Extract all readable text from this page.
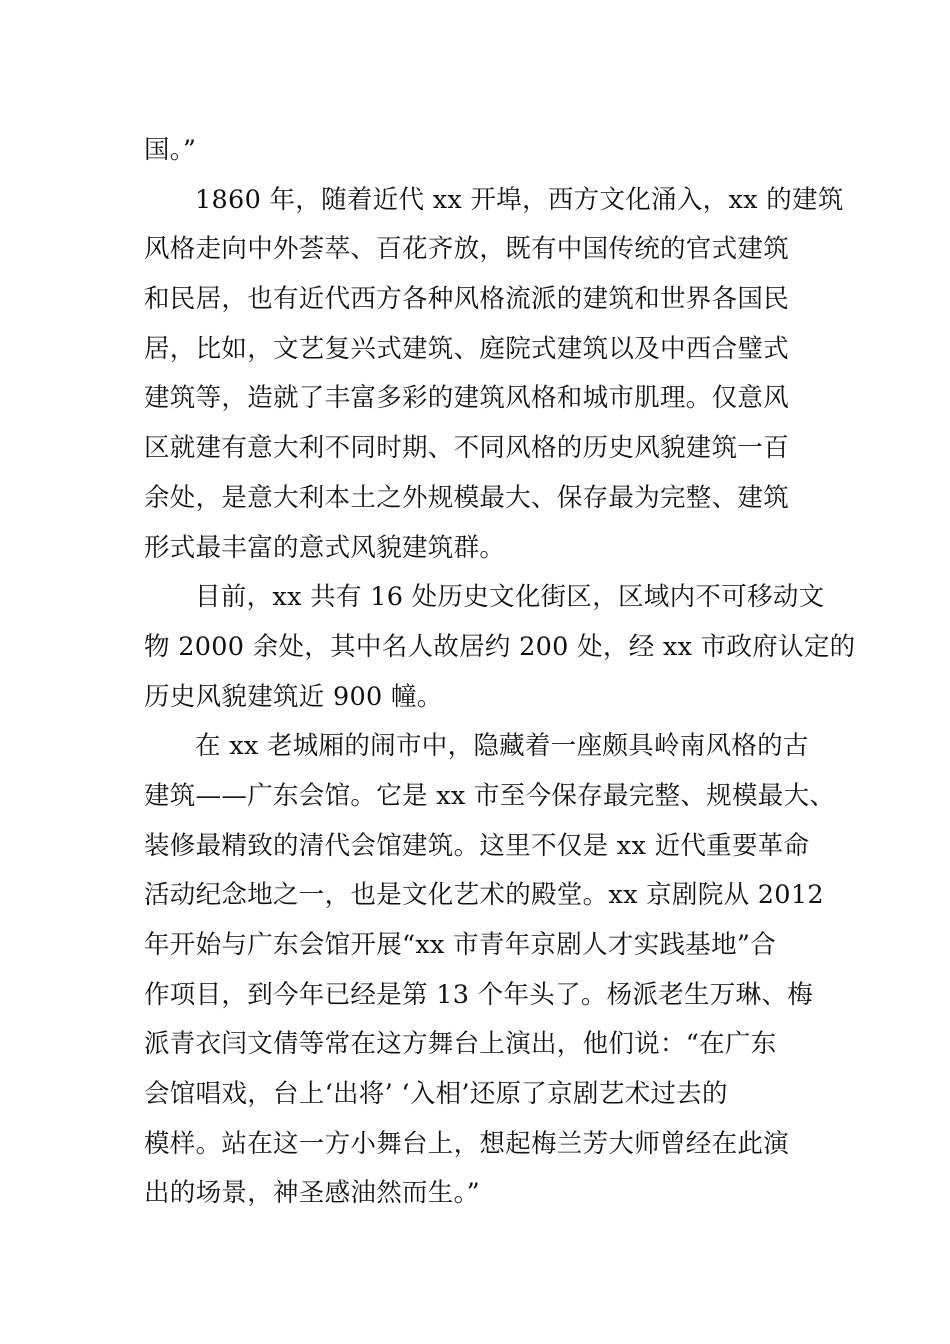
国。”
1860 年，随着近代 xx 开埠，西方文化涌入，xx 的建筑
风格走向中外荟萃、百花齐放，既有中国传统的官式建筑
和民居，也有近代西方各种风格流派的建筑和世界各国民
居，比如，文艺复兴式建筑、庭院式建筑以及中西合璧式
建筑等，造就了丰富多彩的建筑风格和城市肌理。仅意风
区就建有意大利不同时期、不同风格的历史风貌建筑一百
余处，是意大利本土之外规模最大、保存最为完整、建筑
形式最丰富的意式风貌建筑群。
目前，xx 共有 16 处历史文化街区，区域内不可移动文
物 2000 余处，其中名人故居约 200 处，经 xx 市政府认定的
历史风貌建筑近 900 幢。
在 xx 老城厢的闹市中，隐藏着一座颇具岭南风格的古
建筑——广东会馆。它是 xx 市至今保存最完整、规模最大、
装修最精致的清代会馆建筑。这里不仅是 xx 近代重要革命
活动纪念地之一，也是文化艺术的殿堂。xx 京剧院从 2012
年开始与广东会馆开展“xx 市青年京剧人才实践基地”合
作项目，到今年已经是第 13 个年头了。杨派老生万琳、梅
派青衣闫文倩等常在这方舞台上演出，他们说：“在广东
会馆唱戏，台上‘出将’ ‘入相’还原了京剧艺术过去的
模样。站在这一方小舞台上，想起梅兰芳大师曾经在此演
出的场景，神圣感油然而生。”
